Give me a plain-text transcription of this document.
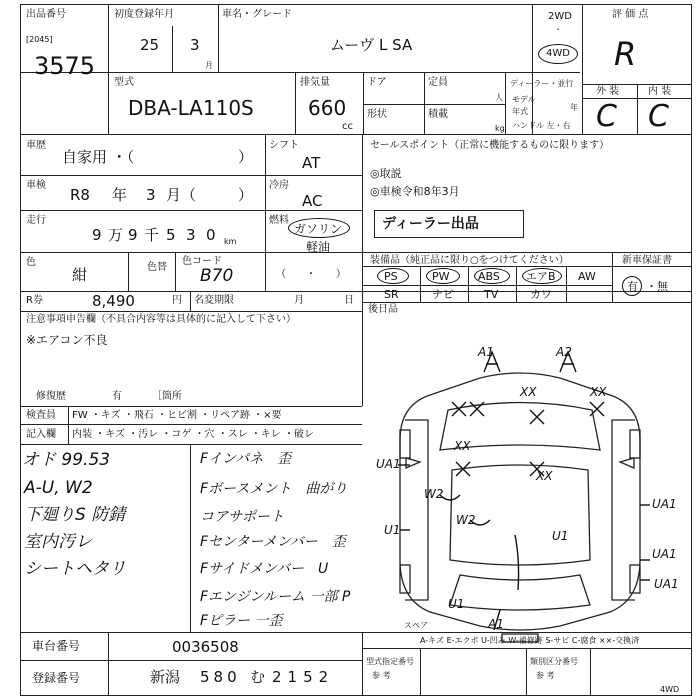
出品番号
[2045]
3575
初度登録年月
25 3
月
車名・グレード
ムーヴ L SA
2WD
・
4WD
評 価 点
R
型式
DBA-LA110S
排気量
660
cc
ドア	定員
人
形状	積載
kg
ディーラー・並行
モデル
年式	年
ハンドル 左・右
外 装	内 装
C C
車歴
自家用 ・（	）
シフト
AT
車検
R8 年 3 月（	）
冷房
AC
走行
9 万 9 千 5 3 0 km
燃料
ガソリン
軽油
色
紺	色替
色コード
B70	（　　・　　）
R券	8,490	円 名変期限	月	日
セールスポイント（正常に機能するものに限ります）
◎取説
◎車検令和8年3月
ディーラー出品
装備品（純正品に限り○をつけてください）	新車保証書
PS	PW	ABS エアB AW
SR	ナビ	TV	カワ
有 ・無
後日品
注意事項申告欄（不具合内容等は具体的に記入して下さい）
※エアコン不良
修復歴	有	［箇所
検査員
記入欄
FW ・キズ ・飛石 ・ヒビ割 ・リペア跡 ・×要
内装 ・キズ ・汚レ ・コゲ ・穴 ・スレ ・キレ ・破レ
オド 99.53
A-U, W2
下廻りS 防錆
室内汚レ
シートヘタリ
Fインパネ　歪
Fボースメント　曲がり
コアサポート
Fセンターメンバー　歪
Fサイドメンバー　U
Fエンジンルーム 一部 P
Fピラー 一歪
A1	A2
XX	XX
W2
W2
UA1
UA1
UA1
XX
XX
U1	U1
UA1
U1
A1
スペア
車台番号	0036508
登録番号	新潟 580 む 2152
A-キズ E-エクボ U-凹み W-補修跡 S-サビ C-腐食 ××-交換済
型式指定番号
参 考
類別区分番号
参 考
4WD
